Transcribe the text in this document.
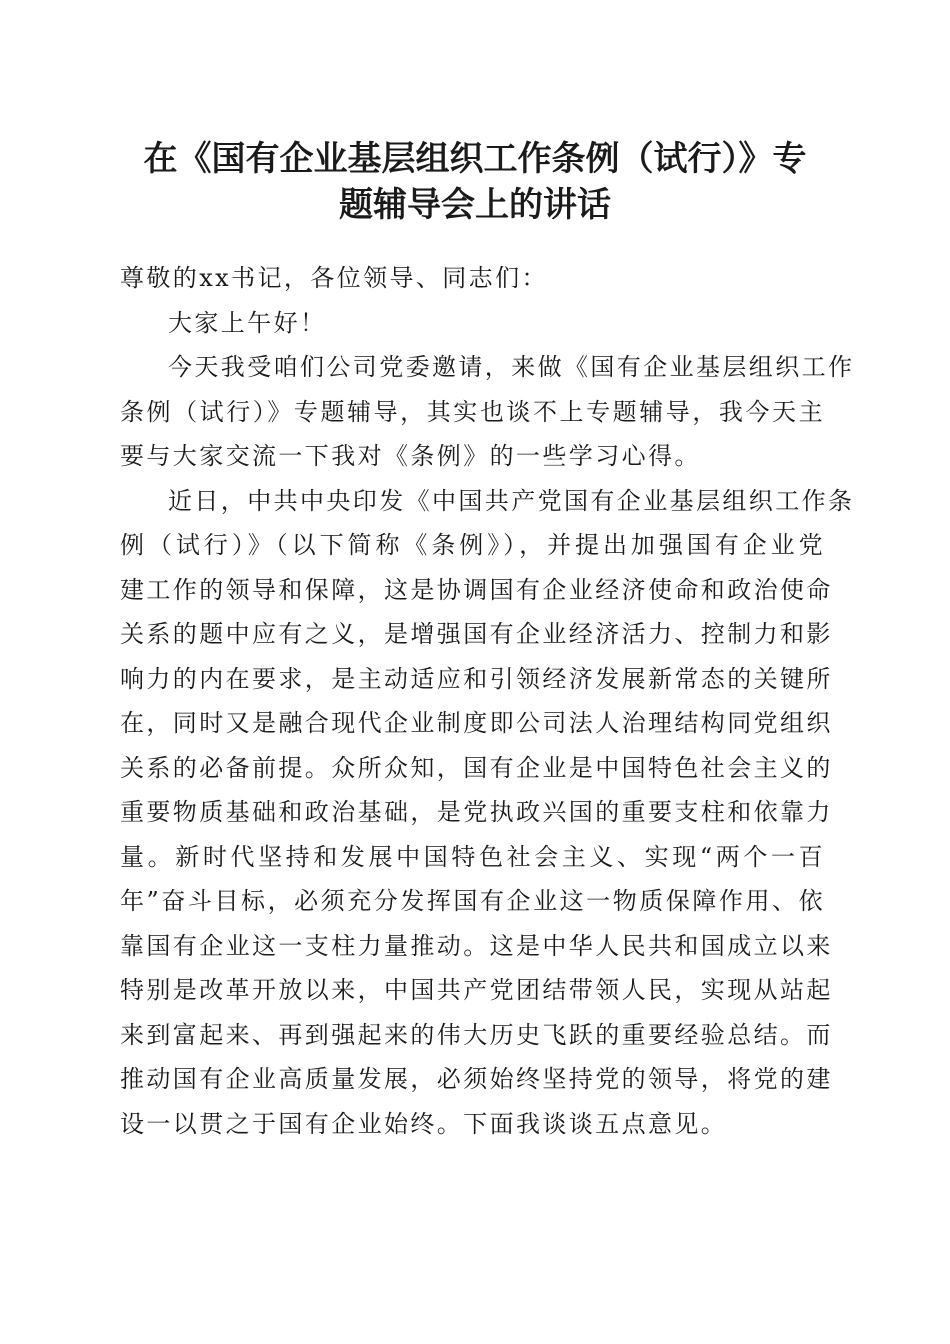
在《国有企业基层组织工作条例（试行）》专
题辅导会上的讲话

尊敬的xx书记，各位领导、同志们：

大家上午好！

今天我受咱们公司党委邀请，来做《国有企业基层组织工作
条例（试行）》专题辅导，其实也谈不上专题辅导，我今天主
要与大家交流一下我对《条例》的一些学习心得。

近日，中共中央印发《中国共产党国有企业基层组织工作条
例（试行）》（以下简称《条例》），并提出加强国有企业党
建工作的领导和保障，这是协调国有企业经济使命和政治使命
关系的题中应有之义，是增强国有企业经济活力、控制力和影
响力的内在要求，是主动适应和引领经济发展新常态的关键所
在，同时又是融合现代企业制度即公司法人治理结构同党组织
关系的必备前提。众所众知，国有企业是中国特色社会主义的
重要物质基础和政治基础，是党执政兴国的重要支柱和依靠力
量。新时代坚持和发展中国特色社会主义、实现“两个一百
年”奋斗目标，必须充分发挥国有企业这一物质保障作用、依
靠国有企业这一支柱力量推动。这是中华人民共和国成立以来
特别是改革开放以来，中国共产党团结带领人民，实现从站起
来到富起来、再到强起来的伟大历史飞跃的重要经验总结。而
推动国有企业高质量发展，必须始终坚持党的领导，将党的建
设一以贯之于国有企业始终。下面我谈谈五点意见。
